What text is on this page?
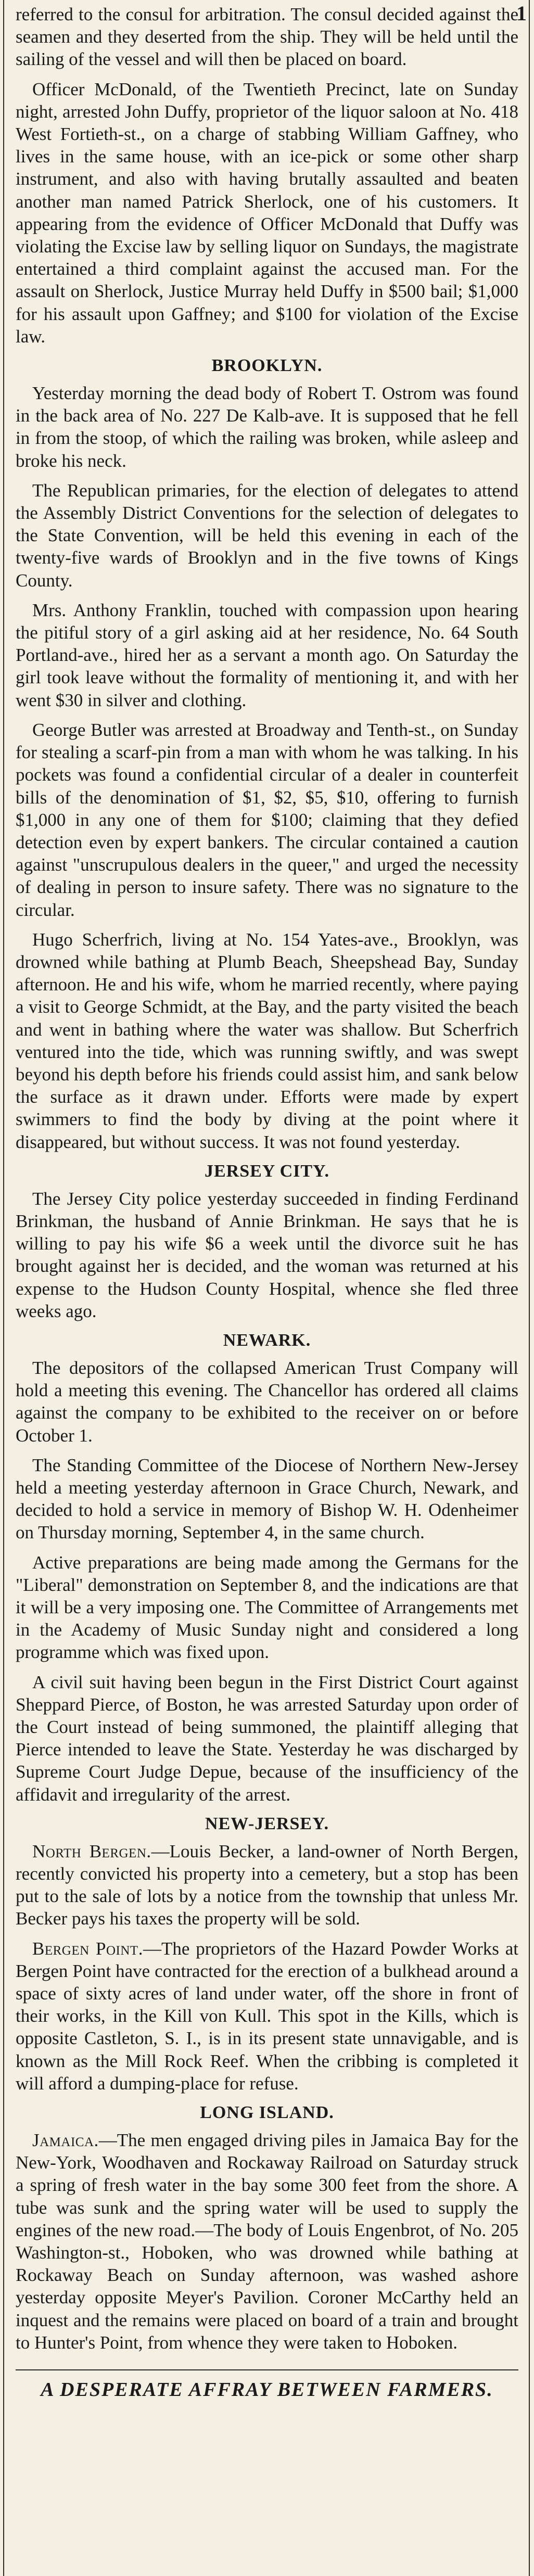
1

referred to the consul for arbitration. The consul decided against the seamen and they deserted from the ship. They will be held until the sailing of the vessel and will then be placed on board.

Officer McDonald, of the Twentieth Precinct, late on Sunday night, arrested John Duffy, proprietor of the liquor saloon at No. 418 West Fortieth-st., on a charge of stabbing William Gaffney, who lives in the same house, with an ice-pick or some other sharp instrument, and also with having brutally assaulted and beaten another man named Patrick Sherlock, one of his customers. It appearing from the evidence of Officer McDonald that Duffy was violating the Excise law by selling liquor on Sundays, the magistrate entertained a third complaint against the accused man. For the assault on Sherlock, Justice Murray held Duffy in $500 bail; $1,000 for his assault upon Gaffney; and $100 for violation of the Excise law.

BROOKLYN.

Yesterday morning the dead body of Robert T. Ostrom was found in the back area of No. 227 De Kalb-ave. It is supposed that he fell in from the stoop, of which the railing was broken, while asleep and broke his neck.

The Republican primaries, for the election of delegates to attend the Assembly District Conventions for the selection of delegates to the State Convention, will be held this evening in each of the twenty-five wards of Brooklyn and in the five towns of Kings County.

Mrs. Anthony Franklin, touched with compassion upon hearing the pitiful story of a girl asking aid at her residence, No. 64 South Portland-ave., hired her as a servant a month ago. On Saturday the girl took leave without the formality of mentioning it, and with her went $30 in silver and clothing.

George Butler was arrested at Broadway and Tenth-st., on Sunday for stealing a scarf-pin from a man with whom he was talking. In his pockets was found a confidential circular of a dealer in counterfeit bills of the denomination of $1, $2, $5, $10, offering to furnish $1,000 in any one of them for $100; claiming that they defied detection even by expert bankers. The circular contained a caution against "unscrupulous dealers in the queer," and urged the necessity of dealing in person to insure safety. There was no signature to the circular.

Hugo Scherfrich, living at No. 154 Yates-ave., Brooklyn, was drowned while bathing at Plumb Beach, Sheepshead Bay, Sunday afternoon. He and his wife, whom he married recently, where paying a visit to George Schmidt, at the Bay, and the party visited the beach and went in bathing where the water was shallow. But Scherfrich ventured into the tide, which was running swiftly, and was swept beyond his depth before his friends could assist him, and sank below the surface as it drawn under. Efforts were made by expert swimmers to find the body by diving at the point where it disappeared, but without success. It was not found yesterday.

JERSEY CITY.

The Jersey City police yesterday succeeded in finding Ferdinand Brinkman, the husband of Annie Brinkman. He says that he is willing to pay his wife $6 a week until the divorce suit he has brought against her is decided, and the woman was returned at his expense to the Hudson County Hospital, whence she fled three weeks ago.

NEWARK.

The depositors of the collapsed American Trust Company will hold a meeting this evening. The Chancellor has ordered all claims against the company to be exhibited to the receiver on or before October 1.

The Standing Committee of the Diocese of Northern New-Jersey held a meeting yesterday afternoon in Grace Church, Newark, and decided to hold a service in memory of Bishop W. H. Odenheimer on Thursday morning, September 4, in the same church.

Active preparations are being made among the Germans for the "Liberal" demonstration on September 8, and the indications are that it will be a very imposing one. The Committee of Arrangements met in the Academy of Music Sunday night and considered a long programme which was fixed upon.

A civil suit having been begun in the First District Court against Sheppard Pierce, of Boston, he was arrested Saturday upon order of the Court instead of being summoned, the plaintiff alleging that Pierce intended to leave the State. Yesterday he was discharged by Supreme Court Judge Depue, because of the insufficiency of the affidavit and irregularity of the arrest.

NEW-JERSEY.

North Bergen.—Louis Becker, a land-owner of North Bergen, recently convicted his property into a cemetery, but a stop has been put to the sale of lots by a notice from the township that unless Mr. Becker pays his taxes the property will be sold.

Bergen Point.—The proprietors of the Hazard Powder Works at Bergen Point have contracted for the erection of a bulkhead around a space of sixty acres of land under water, off the shore in front of their works, in the Kill von Kull. This spot in the Kills, which is opposite Castleton, S. I., is in its present state unnavigable, and is known as the Mill Rock Reef. When the cribbing is completed it will afford a dumping-place for refuse.

LONG ISLAND.

Jamaica.—The men engaged driving piles in Jamaica Bay for the New-York, Woodhaven and Rockaway Railroad on Saturday struck a spring of fresh water in the bay some 300 feet from the shore. A tube was sunk and the spring water will be used to supply the engines of the new road.—The body of Louis Engenbrot, of No. 205 Washington-st., Hoboken, who was drowned while bathing at Rockaway Beach on Sunday afternoon, was washed ashore yesterday opposite Meyer's Pavilion. Coroner McCarthy held an inquest and the remains were placed on board of a train and brought to Hunter's Point, from whence they were taken to Hoboken.

A DESPERATE AFFRAY BETWEEN FARMERS.
